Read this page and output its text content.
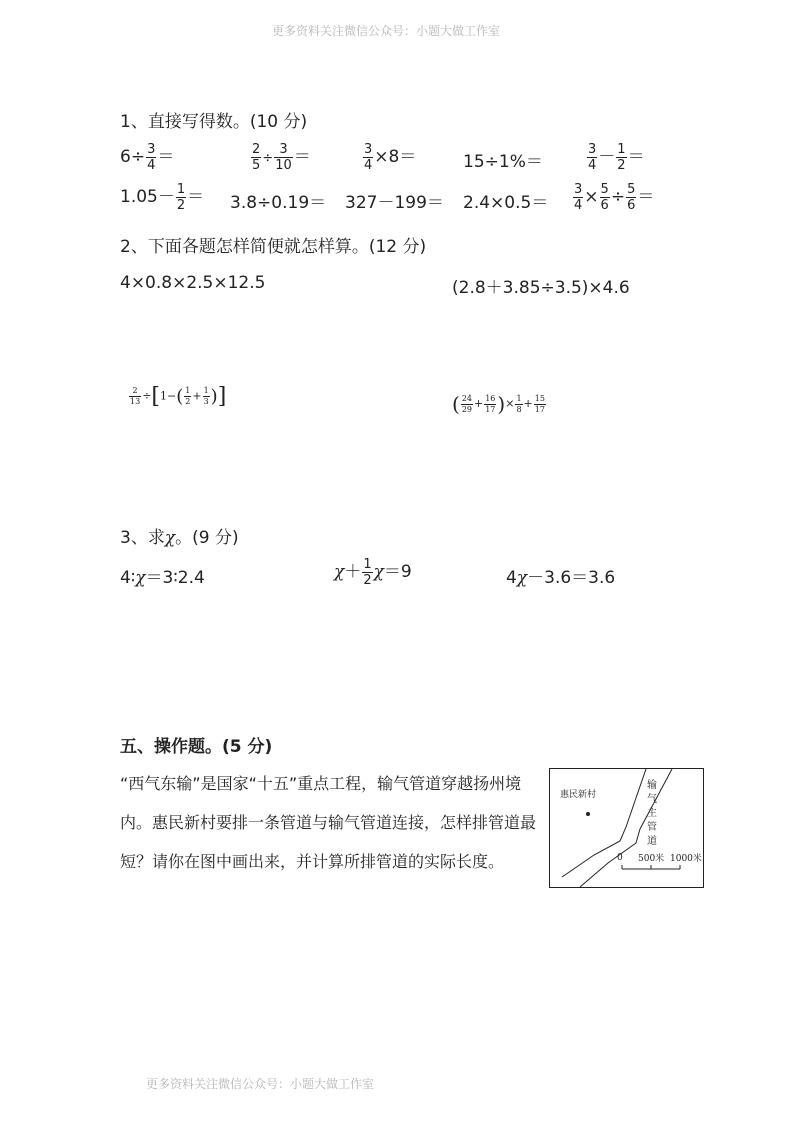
更多资料关注微信公众号：小题大做工作室
1、直接写得数。(10 分)
$6\div \frac{3}{4}$ ＝	$\frac{2}{5} \div \frac{3}{10}$ ＝	$\frac{3}{4} \times 8=$	15÷1%＝	$\frac{3}{4} - \frac{1}{2}$ ＝
$1.05- \frac{1}{2} = 3.8\div 0.19= 327-199= 2.4\times 0.5= \frac{3}{4} \times \frac{5}{6} \div \frac{5}{6}$ ＝
2、下面各题怎样简便就怎样算。(12 分)
4×0.8×2.5×12.5	(2.8＋3.85÷3.5)×4.6
$\frac{2}{13} \div[1-( \frac{1}{2} + \frac{1}{3}$ )]	( $\frac{24}{29} + \frac{16}{17}$ )× $\frac{1}{8} + \frac{15}{17}$
3、求χ。(9 分)
4∶χ＝3∶2.4	$\chi+ \frac{1}{2} \chi=9$	4χ－3.6＝3.6
五、操作题。(5 分)
“西气东输”是国家“十五”重点工程，输气管道穿越扬州境内。惠民新村要排一条管道与输气管道连接，怎样排管道最短？请你在图中画出来，并计算所排管道的实际长度。
惠民新村
输气主管道
0 500米 1000米
更多资料关注微信公众号：小题大做工作室
